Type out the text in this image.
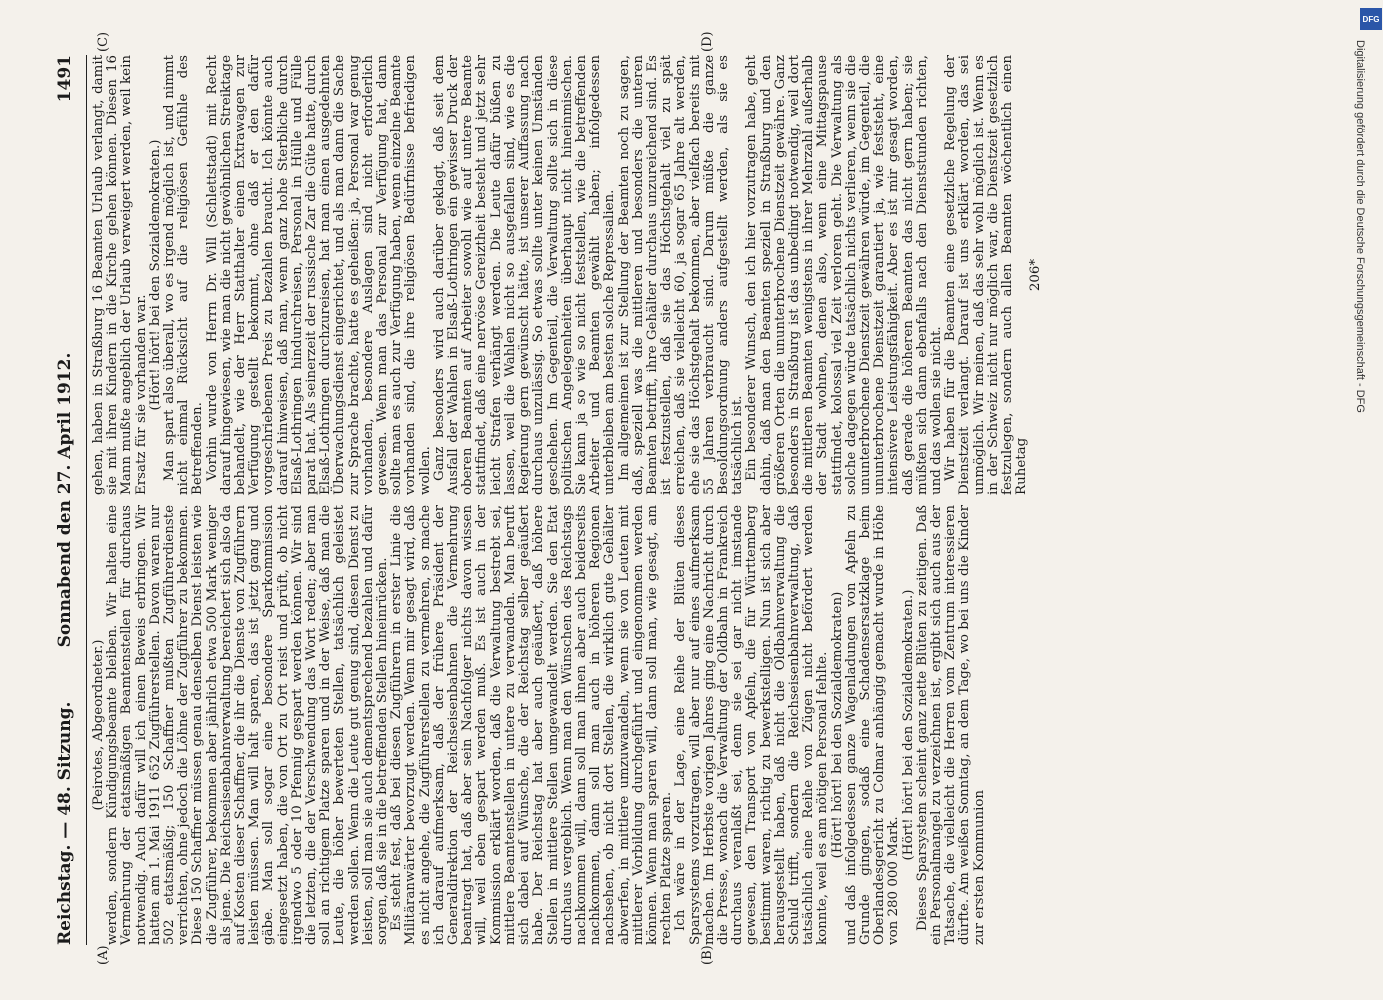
Reichstag. — 48. Sitzung.
Sonnabend den 27. April 1912.
1491
(A)	(B)
(C)	(D)

(Peirotes, Abgeordneter.) werden, sondern Kündigungsbeamte bleiben. Wir halten eine Vermehrung der etatsmäßigen Beamtenstellen für durchaus notwendig. Auch dafür will ich einen Beweis erbringen. Wir hatten am 1. Mai 1911 652 Zugführerstellen. Davon waren nur 502 etatsmäßig; 150 Schaffner mußten Zugführerdienste verrichten, ohne jedoch die Löhne der Zugführer zu bekommen. Diese 150 Schaffner müssen genau denselben Dienst leisten wie die Zugführer, bekommen aber jährlich etwa 500 Mark weniger als jene. Die Reichseisenbahnverwaltung bereichert sich also da auf Kosten dieser Schaffner, die ihr die Dienste von Zugführern leisten müssen. Man will halt sparen, das ist jetzt gang und gäbe. Man soll sogar eine besondere Sparkommission eingesetzt haben, die von Ort zu Ort reist und prüft, ob nicht irgendwo 5 oder 10 Pfennig gespart werden können. Wir sind die letzten, die der Verschwendung das Wort reden; aber man soll an richtigem Platze sparen und in der Weise, daß man die Leute, die höher bewerteten Stellen, tatsächlich geleistet werden sollen. Wenn die Leute gut genug sind, diesen Dienst zu leisten, soll man sie auch dementsprechend bezahlen und dafür sorgen, daß sie in die betreffenden Stellen hineinrücken. Es steht fest, daß bei diesen Zugführern in erster Linie die Militäranwärter bevorzugt werden. Wenn mir gesagt wird, daß es nicht angehe, die Zugführerstellen zu vermehren, so mache ich darauf aufmerksam, daß der frühere Präsident der Generaldirektion der Reichseisenbahnen die Vermehrung beantragt hat, daß aber sein Nachfolger nichts davon wissen will, weil eben gespart werden muß. Es ist auch in der Kommission erklärt worden, daß die Verwaltung bestrebt sei, mittlere Beamtenstellen in untere zu verwandeln. Man beruft sich dabei auf Wünsche, die der Reichstag selber geäußert habe. Der Reichstag hat aber auch geäußert, daß höhere Stellen in mittlere Stellen umgewandelt werden. Sie den Etat durchaus vergeblich. Wenn man den Wünschen des Reichstags nachkommen will, dann soll man ihnen aber auch beiderseits nachkommen, dann soll man auch in höheren Regionen nachsehen, ob nicht dort Stellen, die wirklich gute Gehälter abwerfen, in mittlere umzuwandeln, wenn sie von Leuten mit mittlerer Vorbildung durchgeführt und eingenommen werden können. Wenn man sparen will, dann soll man, wie gesagt, am rechten Platze sparen. Ich wäre in der Lage, eine Reihe der Blüten dieses Sparsystems vorzutragen, will aber nur auf eines aufmerksam machen. Im Herbste vorigen Jahres ging eine Nachricht durch die Presse, wonach die Verwaltung der Oldbahn in Frankreich durchaus veranlaßt sei, denn sie sei gar nicht imstande gewesen, den Transport von Apfeln, die für Württemberg bestimmt waren, richtig zu bewerkstelligen. Nun ist sich aber herausgestellt haben, daß nicht die Oldbahnverwaltung die Schuld trifft, sondern die Reichseisenbahnverwaltung, daß tatsächlich eine Reihe von Zügen nicht befördert werden konnte, weil es am nötigen Personal fehlte. (Hört! hört! bei den Sozialdemokraten) und daß infolgedessen ganze Wagenladungen von Apfeln zu Grunde gingen, sodaß eine Schadensersatzklage beim Oberlandesgericht zu Colmar anhängig gemacht wurde in Höhe von 280 000 Mark.

(Hört! hört! bei den Sozialdemokraten.) Dieses Sparsystem scheint ganz nette Blüten zu zeitigen. Daß ein Personalmangel zu verzeichnen ist, ergibt sich auch aus der Tatsache, die vielleicht die Herren vom Zentrum interessieren dürfte. Am weißen Sonntag, an dem Tage, wo bei uns die Kinder zur ersten Kommunion

gehen, haben in Straßburg 16 Beamten Urlaub verlangt, damit sie mit ihren Kindern in die Kirche gehen können. Diesen 16 Mann mußte angeblich der Urlaub verweigert werden, weil kein Ersatz für sie vorhanden war. (Hört! hört! bei den Sozialdemokraten.) Man spart also überall, wo es irgend möglich ist, und nimmt nicht einmal Rücksicht auf die religiösen Gefühle des Betreffenden. Vorhin wurde von Herrn Dr. Will (Schlettstadt) mit Recht darauf hingewiesen, wie man die nicht gewöhnlichen Streiktage behandelt, wie der Herr Statthalter einen Extrawagen zur Verfügung gestellt bekommt, ohne daß er den dafür vorgeschriebenen Preis zu bezahlen braucht. Ich könnte auch darauf hinweisen, daß man, wenn ganz hohe Sterbliche durch Elsaß-Lothringen hindurchreisen, Personal in Hülle und Fülle parat hat. Als seinerzeit der russische Zar die Güte hatte, durch Elsaß-Lothringen durchzureisen, hat man einen ausgedehnten Überwachungsdienst eingerichtet, und als man dann die Sache zur Sprache brachte, hatte es geheißen: ja, Personal war genug vorhanden, besondere Auslagen sind nicht erforderlich gewesen. Wenn man das Personal zur Verfügung hat, dann sollte man es auch zur Verfügung haben, wenn einzelne Beamte vorhanden sind, die ihre religiösen Bedürfnisse befriedigen wollen. Ganz besonders wird auch darüber geklagt, daß seit dem Ausfall der Wahlen in Elsaß-Lothringen ein gewisser Druck der oberen Beamten auf Arbeiter sowohl wie auf untere Beamte stattfindet, daß eine nervöse Gereiztheit besteht und jetzt sehr leicht Strafen verhängt werden. Die Leute dafür büßen zu lassen, weil die Wahlen nicht so ausgefallen sind, wie es die Regierung gern gewünscht hätte, ist unserer Auffassung nach durchaus unzulässig. So etwas sollte unter keinen Umständen geschehen. Im Gegenteil, die Verwaltung sollte sich in diese politischen Angelegenheiten überhaupt nicht hineinmischen. Sie kann ja so wie so nicht feststellen, wie die betreffenden Arbeiter und Beamten gewählt haben; infolgedessen unterbleiben am besten solche Repressalien. Im allgemeinen ist zur Stellung der Beamten noch zu sagen, daß, speziell was die mittleren und besonders die unteren Beamten betrifft, ihre Gehälter durchaus unzureichend sind. Es ist festzustellen, daß sie das Höchstgehalt viel zu spät erreichen, daß sie vielleicht 60, ja sogar 65 Jahre alt werden, ehe sie das Höchstgehalt bekommen, aber vielfach bereits mit 55 Jahren verbraucht sind. Darum müßte die ganze Besoldungsordnung anders aufgestellt werden, als sie es tatsächlich ist. Ein besonderer Wunsch, den ich hier vorzutragen habe, geht dahin, daß man den Beamten speziell in Straßburg und den größeren Orten die ununterbrochene Dienstzeit gewähre. Ganz besonders in Straßburg ist das unbedingt notwendig, weil dort die mittleren Beamten wenigstens in ihrer Mehrzahl außerhalb der Stadt wohnen, denen also, wenn eine Mittagspause stattfindet, kolossal viel Zeit verloren geht. Die Verwaltung als solche dagegen würde tatsächlich nichts verlieren, wenn sie die ununterbrochene Dienstzeit gewähren würde, im Gegenteil, die ununterbrochene Dienstzeit garantiert ja, wie feststeht, eine intensivere Leistungsfähigkeit. Aber es ist mir gesagt worden, daß gerade die höheren Beamten das nicht gern haben; sie müßten sich dann ebenfalls nach den Dienststunden richten, und das wollen sie nicht. Wir haben für die Beamten eine gesetzliche Regelung der Dienstzeit verlangt. Darauf ist uns erklärt worden, das sei unmöglich. Wir meinen, daß das sehr wohl möglich ist. Wenn es in der Schweiz nicht nur möglich war, die Dienstzeit gesetzlich festzulegen, sondern auch allen Beamten wöchentlich einen Ruhetag

206*

DFG
Digitalisierung gefördert durch die Deutsche Forschungsgemeinschaft - DFG
